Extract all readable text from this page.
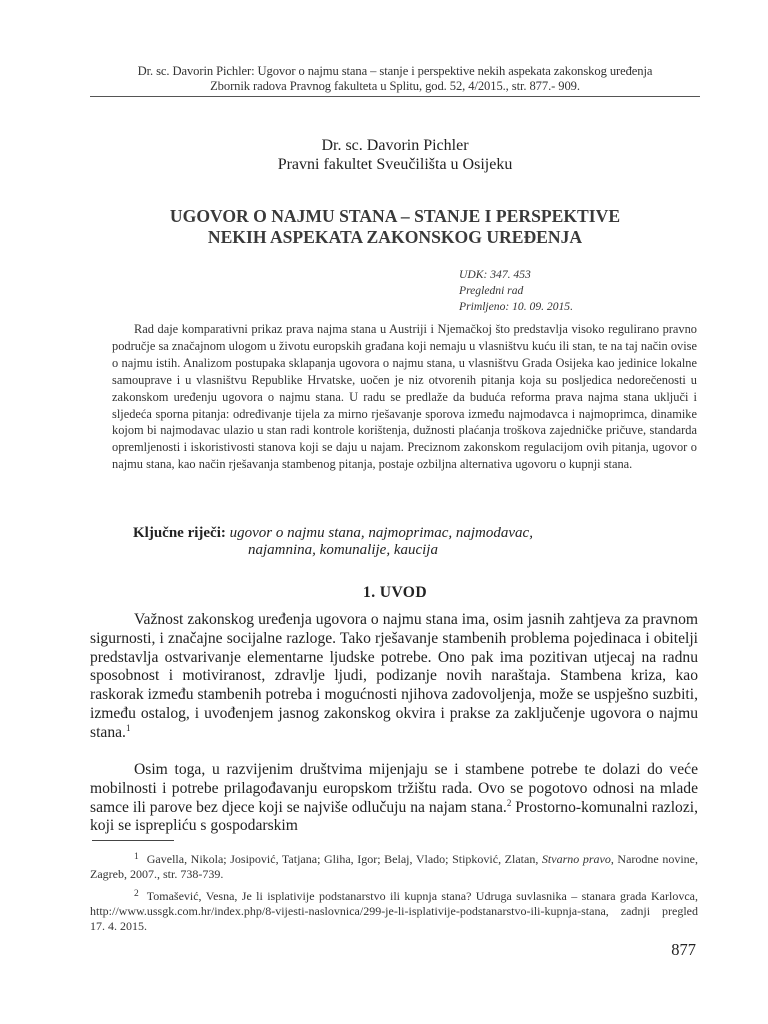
Dr. sc. Davorin Pichler: Ugovor o najmu stana – stanje i perspektive nekih aspekata zakonskog uređenja
Zbornik radova Pravnog fakulteta u Splitu, god. 52, 4/2015., str. 877.- 909.
Dr. sc. Davorin Pichler
Pravni fakultet Sveučilišta u Osijeku
UGOVOR O NAJMU STANA – STANJE I PERSPEKTIVE
NEKIH ASPEKATA ZAKONSKOG UREĐENJA
UDK: 347. 453
Pregledni rad
Primljeno: 10. 09. 2015.
Rad daje komparativni prikaz prava najma stana u Austriji i Njemačkoj što predstavlja visoko regulirano pravno područje sa značajnom ulogom u životu europskih građana koji nemaju u vlasništvu kuću ili stan, te na taj način ovise o najmu istih. Analizom postupaka sklapanja ugovora o najmu stana, u vlasništvu Grada Osijeka kao jedinice lokalne samouprave i u vlasništvu Republike Hrvatske, uočen je niz otvorenih pitanja koja su posljedica nedorečenosti u zakonskom uređenju ugovora o najmu stana. U radu se predlaže da buduća reforma prava najma stana uključi i sljedeća sporna pitanja: određivanje tijela za mirno rješavanje sporova između najmodavca i najmoprimca, dinamike kojom bi najmodavac ulazio u stan radi kontrole korištenja, dužnosti plaćanja troškova zajedničke pričuve, standarda opremljenosti i iskoristivosti stanova koji se daju u najam. Preciznom zakonskom regulacijom ovih pitanja, ugovor o najmu stana, kao način rješavanja stambenog pitanja, postaje ozbiljna alternativa ugovoru o kupnji stana.
Ključne riječi: ugovor o najmu stana, najmoprimac, najmodavac,
najamnina, komunalije, kaucija
1. UVOD
Važnost zakonskog uređenja ugovora o najmu stana ima, osim jasnih zahtjeva za pravnom sigurnosti, i značajne socijalne razloge. Tako rješavanje stambenih problema pojedinaca i obitelji predstavlja ostvarivanje elementarne ljudske potrebe. Ono pak ima pozitivan utjecaj na radnu sposobnost i motiviranost, zdravlje ljudi, podizanje novih naraštaja. Stambena kriza, kao raskorak između stambenih potreba i mogućnosti njihova zadovoljenja, može se uspješno suzbiti, između ostalog, i uvođenjem jasnog zakonskog okvira i prakse za zaključenje ugovora o najmu stana.$^1$
Osim toga, u razvijenim društvima mijenjaju se i stambene potrebe te dolazi do veće mobilnosti i potrebe prilagođavanju europskom tržištu rada. Ovo se pogotovo odnosi na mlade samce ili parove bez djece koji se najviše odlučuju na najam stana.$^2$ Prostorno-komunalni razlozi, koji se isprepliću s gospodarskim
$^1$ Gavella, Nikola; Josipović, Tatjana; Gliha, Igor; Belaj, Vlado; Stipković, Zlatan, Stvarno pravo, Narodne novine, Zagreb, 2007., str. 738-739.
$^2$ Tomašević, Vesna, Je li isplativije podstanarstvo ili kupnja stana? Udruga suvlasnika – stanara grada Karlovca, http://www.ussgk.com.hr/index.php/8-vijesti-naslovnica/299-je-li-isplativije-podstanarstvo-ili-kupnja-stana, zadnji pregled 17. 4. 2015.
877
